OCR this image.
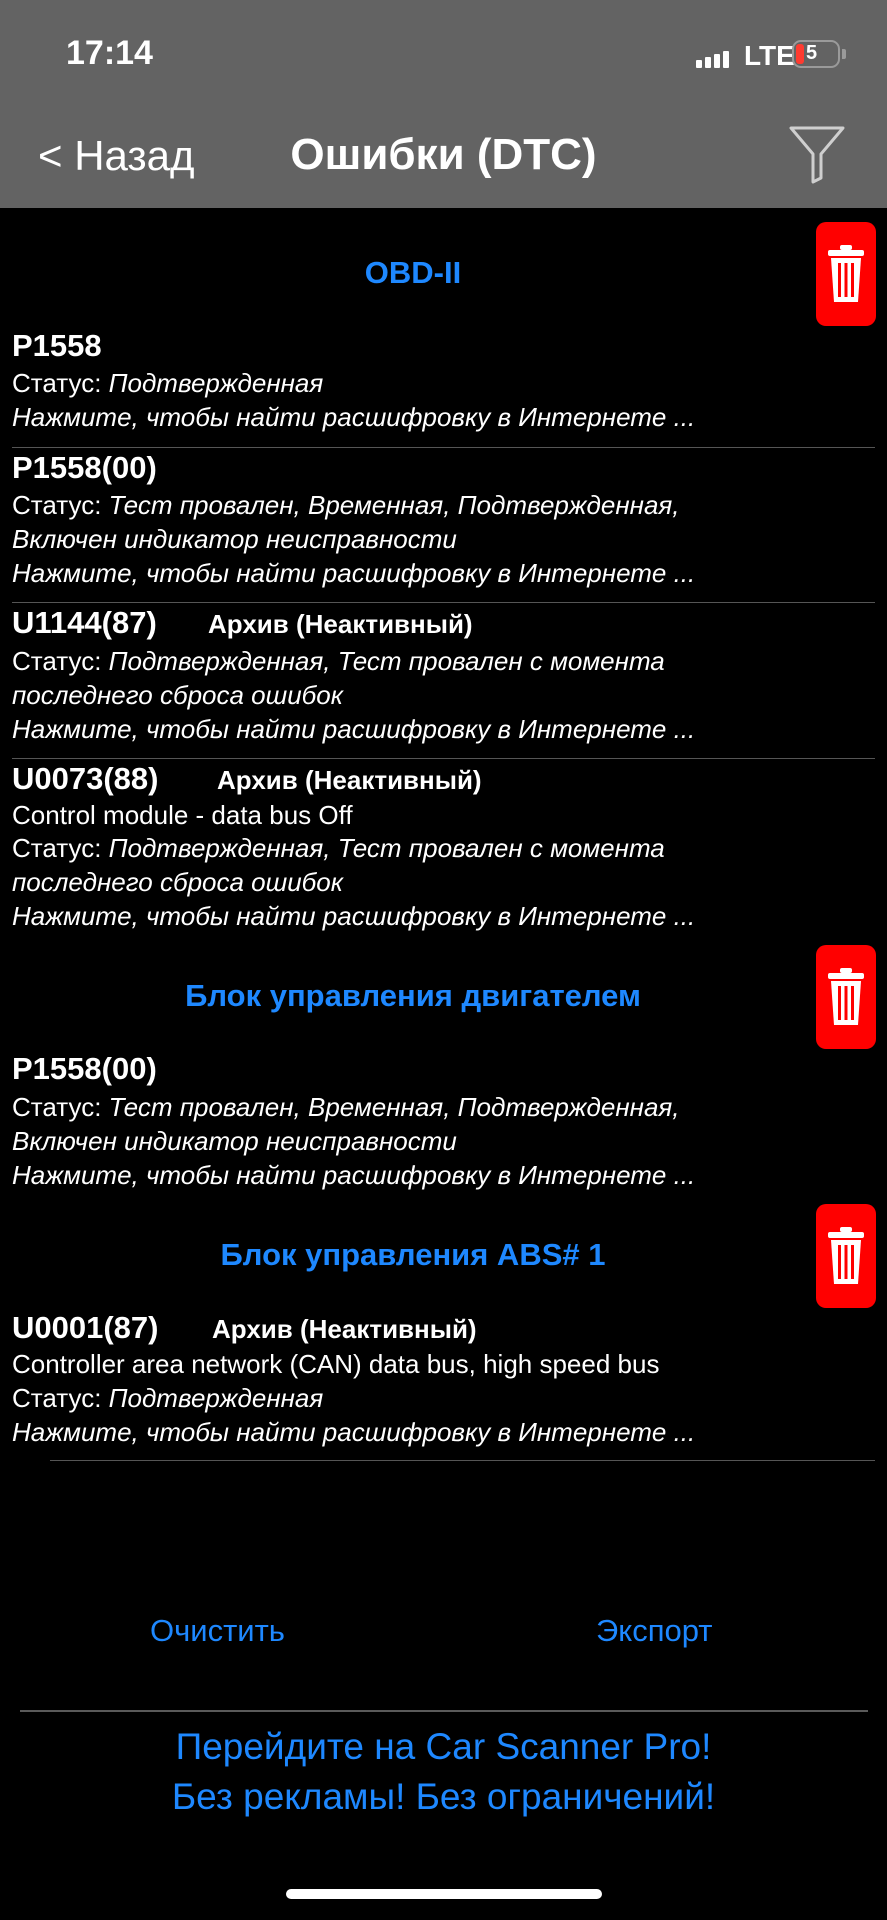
17:14	LTE 5
< Назад	Ошибки (DTC)
OBD-II
P1558
Статус: Подтвержденная
Нажмите, чтобы найти расшифровку в Интернете ...
P1558(00)
Статус: Тест провален, Временная, Подтвержденная,
Включен индикатор неисправности
Нажмите, чтобы найти расшифровку в Интернете ...
U1144(87) Архив (Неактивный)
Статус: Подтвержденная, Тест провален с момента
последнего сброса ошибок
Нажмите, чтобы найти расшифровку в Интернете ...
U0073(88) Архив (Неактивный)
Control module - data bus Off
Статус: Подтвержденная, Тест провален с момента
последнего сброса ошибок
Нажмите, чтобы найти расшифровку в Интернете ...
Блок управления двигателем
P1558(00)
Статус: Тест провален, Временная, Подтвержденная,
Включен индикатор неисправности
Нажмите, чтобы найти расшифровку в Интернете ...
Блок управления ABS# 1
U0001(87) Архив (Неактивный)
Controller area network (CAN) data bus, high speed bus
Статус: Подтвержденная
Нажмите, чтобы найти расшифровку в Интернете ...
Очистить	Экспорт
Перейдите на Car Scanner Pro!
Без рекламы! Без ограничений!
